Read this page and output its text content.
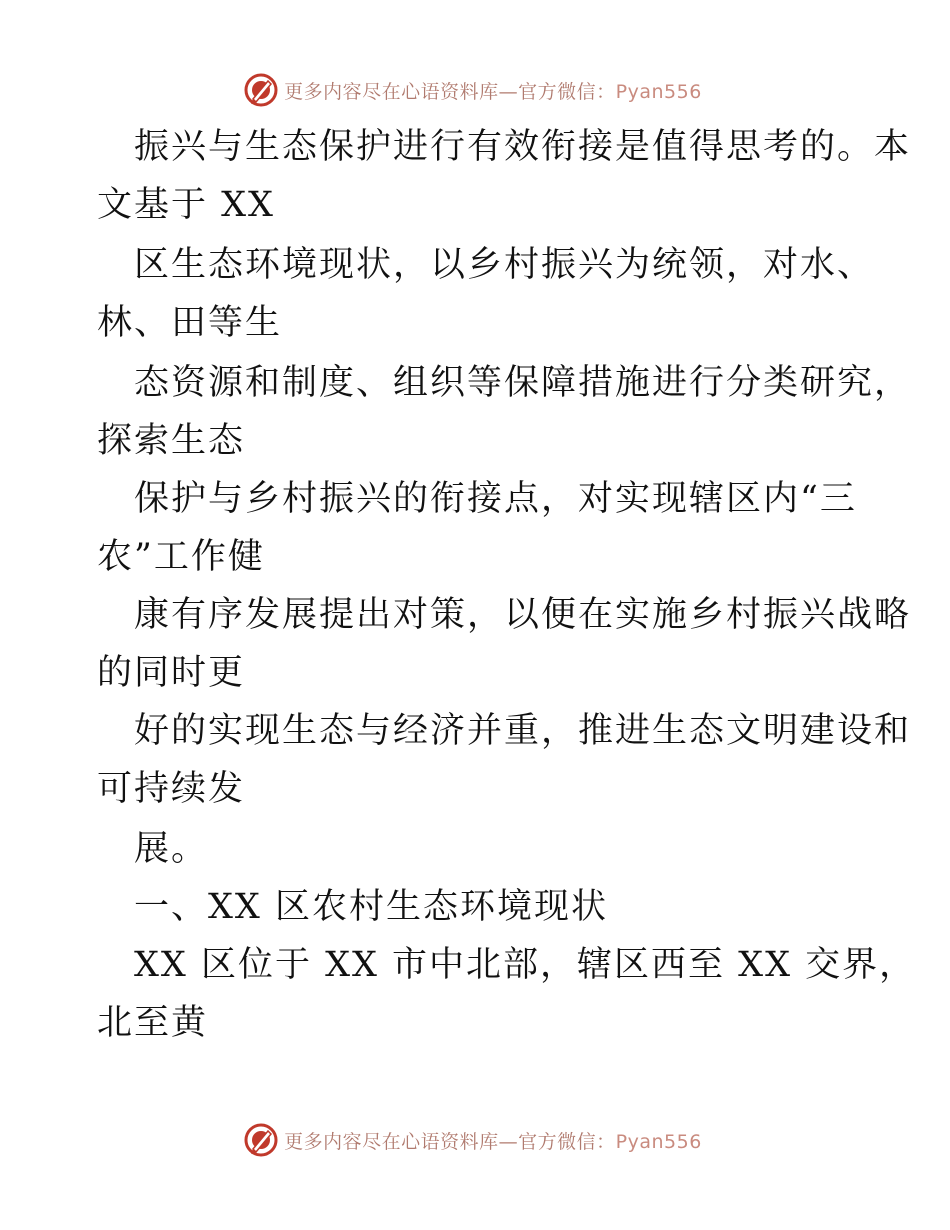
更多内容尽在心语资料库—官方微信：Pyan556
振兴与生态保护进行有效衔接是值得思考的。本
文基于 XX
区生态环境现状，以乡村振兴为统领，对水、
林、田等生
态资源和制度、组织等保障措施进行分类研究，
探索生态
保护与乡村振兴的衔接点，对实现辖区内“三
农”工作健
康有序发展提出对策，以便在实施乡村振兴战略
的同时更
好的实现生态与经济并重，推进生态文明建设和
可持续发
展。
一、XX 区农村生态环境现状
XX 区位于 XX 市中北部，辖区西至 XX 交界，
北至黄
更多内容尽在心语资料库—官方微信：Pyan556
